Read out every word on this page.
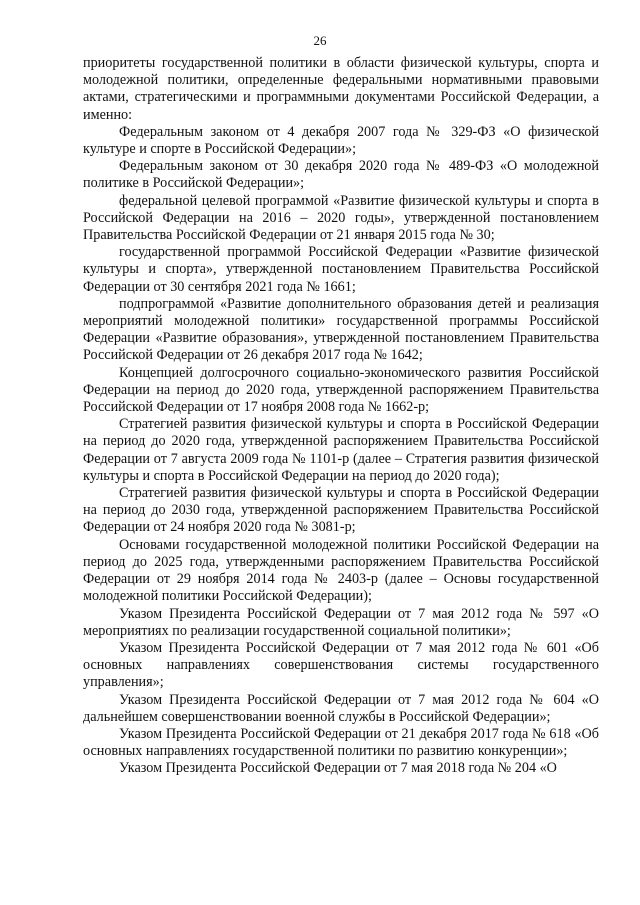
26

приоритеты государственной политики в области физической культуры, спорта и молодежной политики, определенные федеральными нормативными правовыми актами, стратегическими и программными документами Российской Федерации, а именно:

Федеральным законом от 4 декабря 2007 года № 329-ФЗ «О физической культуре и спорте в Российской Федерации»;

Федеральным законом от 30 декабря 2020 года № 489-ФЗ «О молодежной политике в Российской Федерации»;

федеральной целевой программой «Развитие физической культуры и спорта в Российской Федерации на 2016 – 2020 годы», утвержденной постановлением Правительства Российской Федерации от 21 января 2015 года № 30;

государственной программой Российской Федерации «Развитие физической культуры и спорта», утвержденной постановлением Правительства Российской Федерации от 30 сентября 2021 года № 1661;

подпрограммой «Развитие дополнительного образования детей и реализация мероприятий молодежной политики» государственной программы Российской Федерации «Развитие образования», утвержденной постановлением Правительства Российской Федерации от 26 декабря 2017 года № 1642;

Концепцией долгосрочного социально-экономического развития Российской Федерации на период до 2020 года, утвержденной распоряжением Правительства Российской Федерации от 17 ноября 2008 года № 1662-р;

Стратегией развития физической культуры и спорта в Российской Федерации на период до 2020 года, утвержденной распоряжением Правительства Российской Федерации от 7 августа 2009 года № 1101-р (далее – Стратегия развития физической культуры и спорта в Российской Федерации на период до 2020 года);

Стратегией развития физической культуры и спорта в Российской Федерации на период до 2030 года, утвержденной распоряжением Правительства Российской Федерации от 24 ноября 2020 года № 3081-р;

Основами государственной молодежной политики Российской Федерации на период до 2025 года, утвержденными распоряжением Правительства Российской Федерации от 29 ноября 2014 года № 2403-р (далее – Основы государственной молодежной политики Российской Федерации);

Указом Президента Российской Федерации от 7 мая 2012 года № 597 «О мероприятиях по реализации государственной социальной политики»;

Указом Президента Российской Федерации от 7 мая 2012 года № 601 «Об основных направлениях совершенствования системы государственного управления»;

Указом Президента Российской Федерации от 7 мая 2012 года № 604 «О дальнейшем совершенствовании военной службы в Российской Федерации»;

Указом Президента Российской Федерации от 21 декабря 2017 года № 618 «Об основных направлениях государственной политики по развитию конкуренции»;

Указом Президента Российской Федерации от 7 мая 2018 года № 204 «О
